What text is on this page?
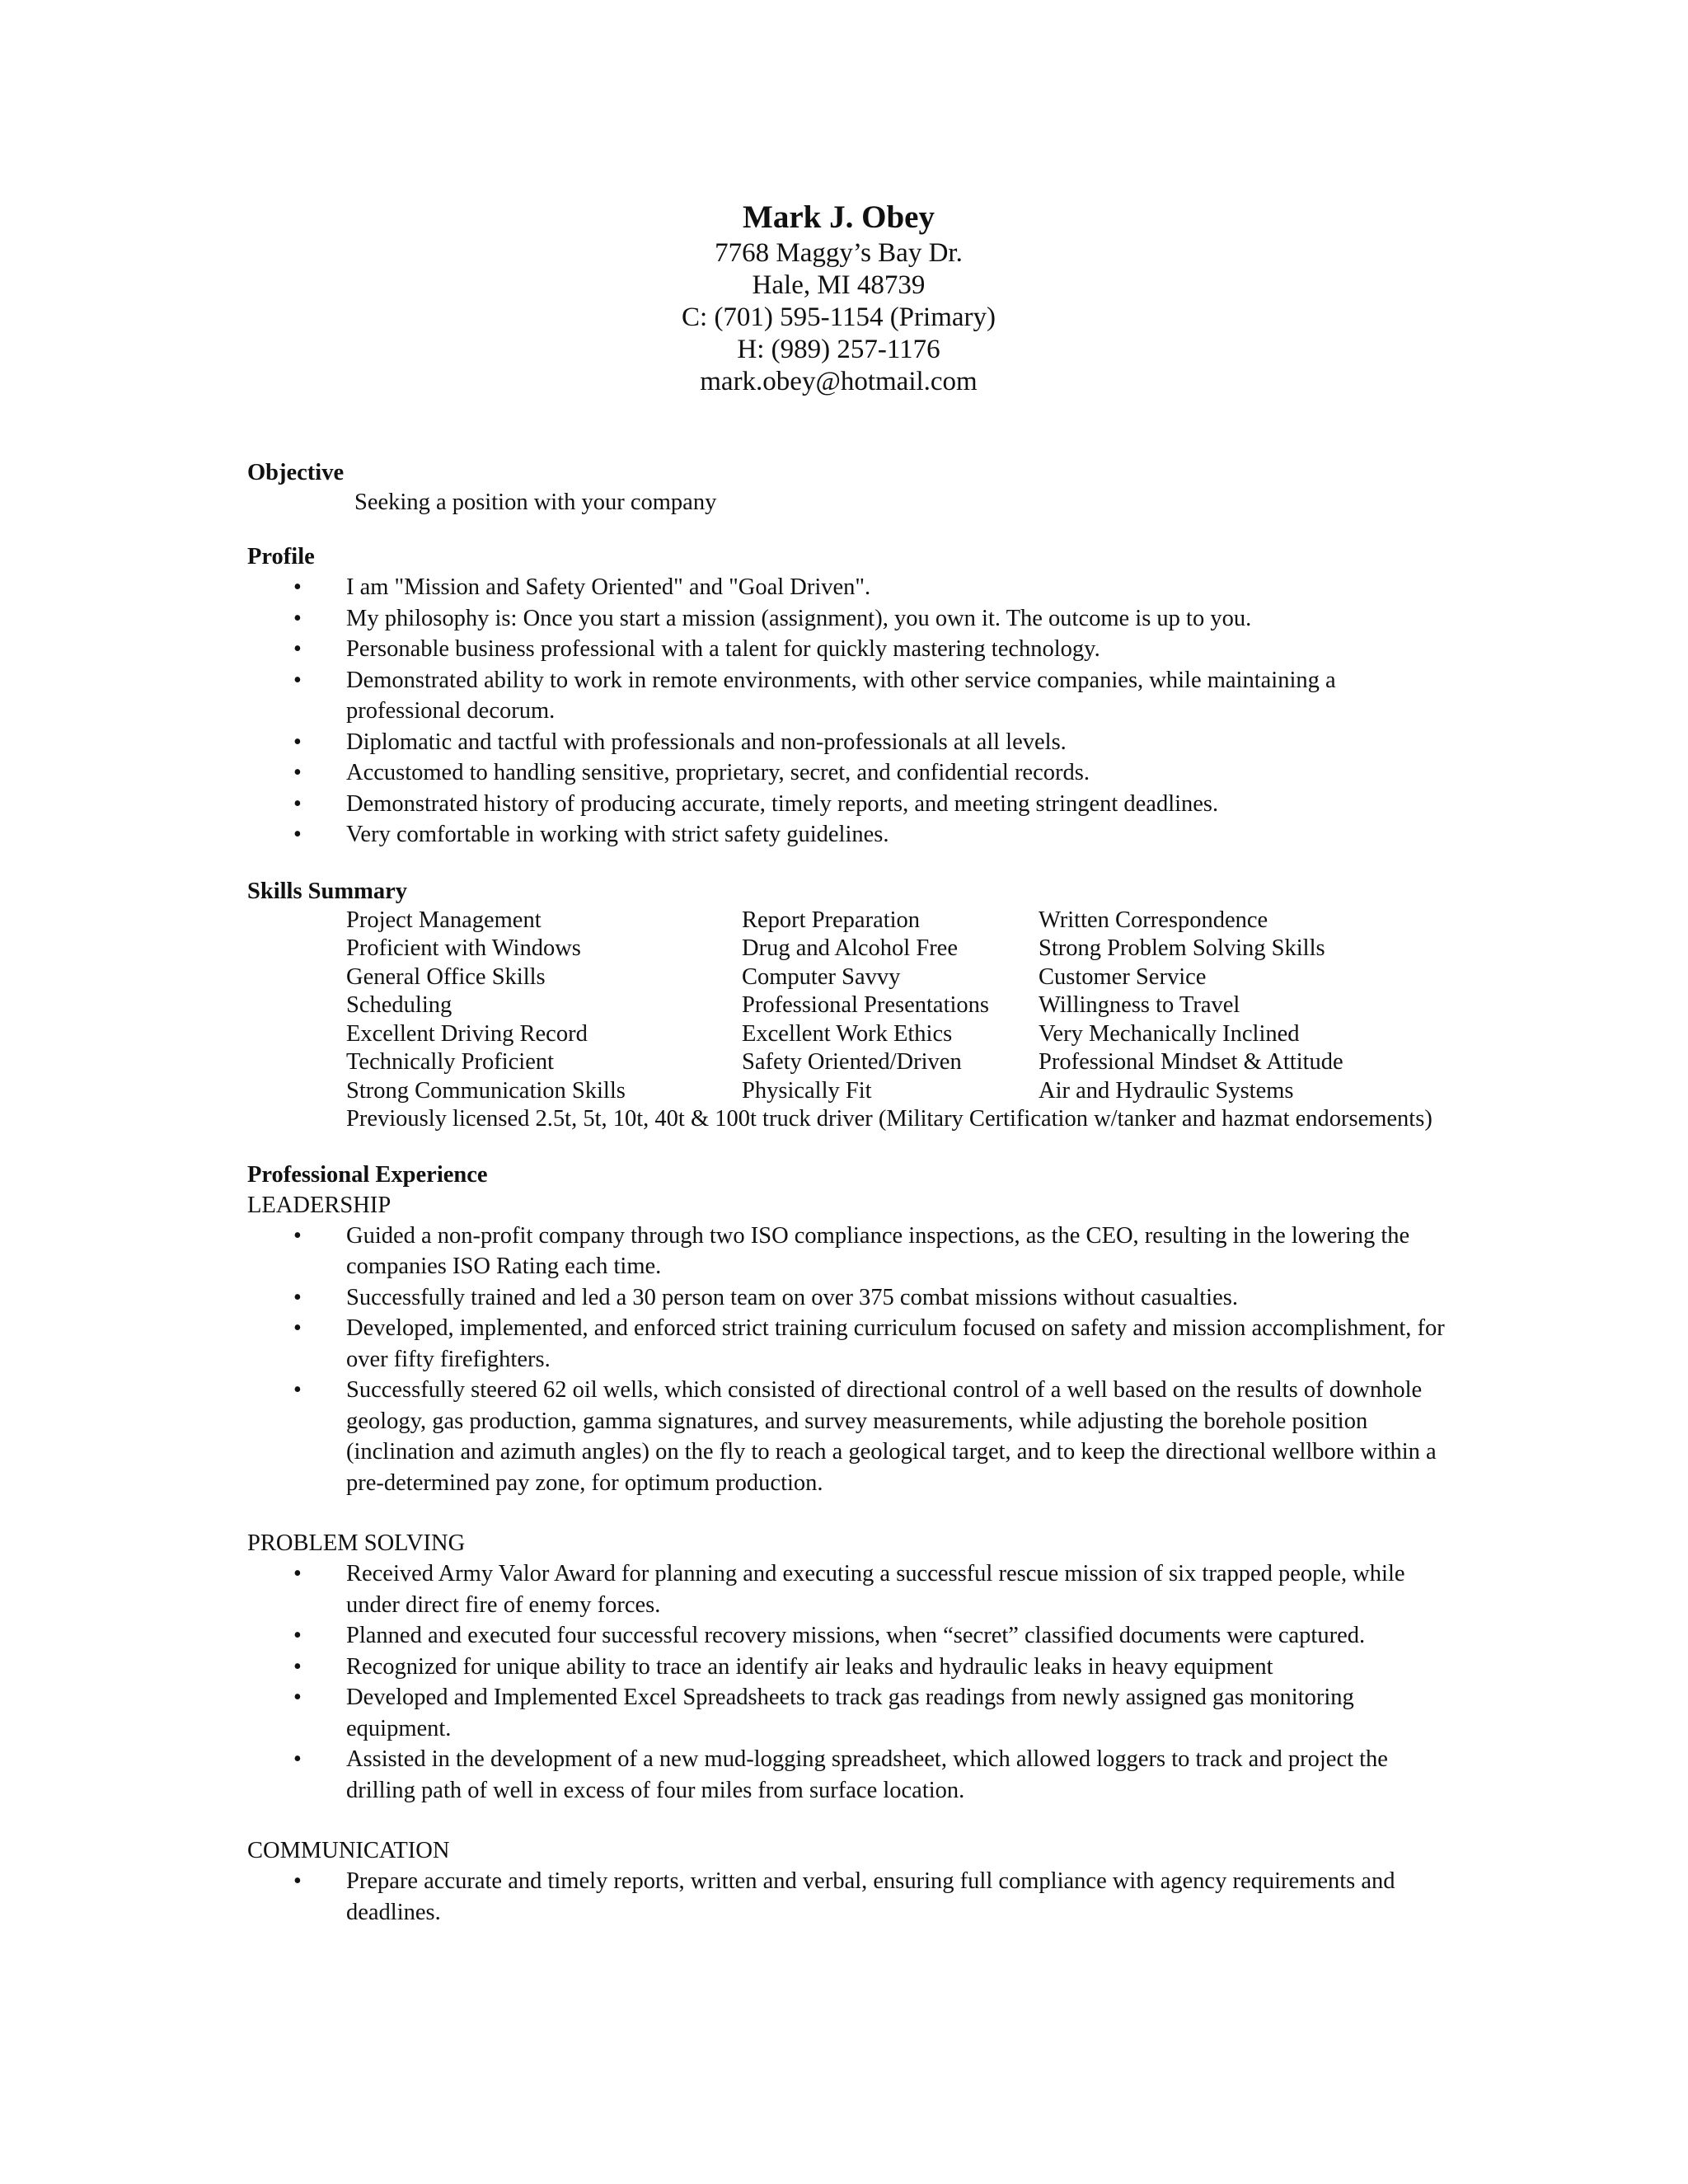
Mark J. Obey
7768 Maggy’s Bay Dr.
Hale, MI 48739
C: (701) 595-1154 (Primary)
H: (989) 257-1176
mark.obey@hotmail.com
Objective
Seeking a position with your company
Profile
• I am "Mission and Safety Oriented" and "Goal Driven".
• My philosophy is: Once you start a mission (assignment), you own it. The outcome is up to you.
• Personable business professional with a talent for quickly mastering technology.
• Demonstrated ability to work in remote environments, with other service companies, while maintaining a professional decorum.
• Diplomatic and tactful with professionals and non-professionals at all levels.
• Accustomed to handling sensitive, proprietary, secret, and confidential records.
• Demonstrated history of producing accurate, timely reports, and meeting stringent deadlines.
• Very comfortable in working with strict safety guidelines.
Skills Summary
Project Management	Report Preparation	Written Correspondence
Proficient with Windows	Drug and Alcohol Free	Strong Problem Solving Skills
General Office Skills	Computer Savvy	Customer Service
Scheduling	Professional Presentations	Willingness to Travel
Excellent Driving Record	Excellent Work Ethics	Very Mechanically Inclined
Technically Proficient	Safety Oriented/Driven	Professional Mindset & Attitude
Strong Communication Skills	Physically Fit	Air and Hydraulic Systems
Previously licensed 2.5t, 5t, 10t, 40t & 100t truck driver (Military Certification w/tanker and hazmat endorsements)
Professional Experience
LEADERSHIP
• Guided a non-profit company through two ISO compliance inspections, as the CEO, resulting in the lowering the companies ISO Rating each time.
• Successfully trained and led a 30 person team on over 375 combat missions without casualties.
• Developed, implemented, and enforced strict training curriculum focused on safety and mission accomplishment, for over fifty firefighters.
• Successfully steered 62 oil wells, which consisted of directional control of a well based on the results of downhole geology, gas production, gamma signatures, and survey measurements, while adjusting the borehole position (inclination and azimuth angles) on the fly to reach a geological target, and to keep the directional wellbore within a pre-determined pay zone, for optimum production.
PROBLEM SOLVING
• Received Army Valor Award for planning and executing a successful rescue mission of six trapped people, while under direct fire of enemy forces.
• Planned and executed four successful recovery missions, when “secret” classified documents were captured.
• Recognized for unique ability to trace an identify air leaks and hydraulic leaks in heavy equipment
• Developed and Implemented Excel Spreadsheets to track gas readings from newly assigned gas monitoring equipment.
• Assisted in the development of a new mud-logging spreadsheet, which allowed loggers to track and project the drilling path of well in excess of four miles from surface location.
COMMUNICATION
• Prepare accurate and timely reports, written and verbal, ensuring full compliance with agency requirements and deadlines.
